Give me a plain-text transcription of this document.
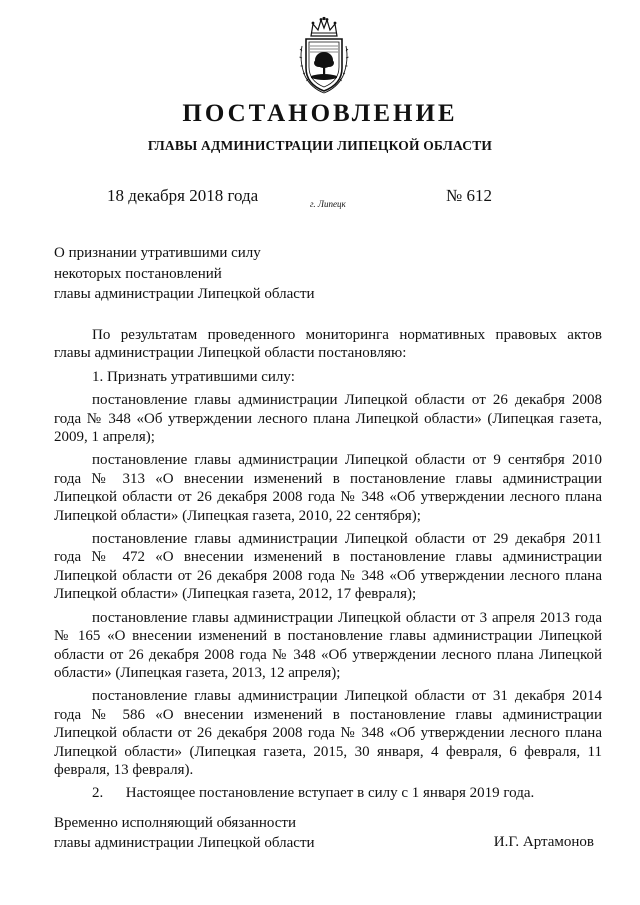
ПОСТАНОВЛЕНИЕ
ГЛАВЫ АДМИНИСТРАЦИИ ЛИПЕЦКОЙ ОБЛАСТИ
18 декабря 2018 года	г. Липецк	№ 612
О признании утратившими силу
некоторых постановлений
главы администрации Липецкой области

По результатам проведенного мониторинга нормативных правовых актов главы администрации Липецкой области постановляю:

1. Признать утратившими силу:

постановление главы администрации Липецкой области от 26 декабря 2008 года № 348 «Об утверждении лесного плана Липецкой области» (Липецкая газета, 2009, 1 апреля);

постановление главы администрации Липецкой области от 9 сентября 2010 года № 313 «О внесении изменений в постановление главы администрации Липецкой области от 26 декабря 2008 года № 348 «Об утверждении лесного плана Липецкой области» (Липецкая газета, 2010, 22 сентября);

постановление главы администрации Липецкой области от 29 декабря 2011 года № 472 «О внесении изменений в постановление главы администрации Липецкой области от 26 декабря 2008 года № 348 «Об утверждении лесного плана Липецкой области» (Липецкая газета, 2012, 17 февраля);

постановление главы администрации Липецкой области от 3 апреля 2013 года № 165 «О внесении изменений в постановление главы администрации Липецкой области от 26 декабря 2008 года № 348 «Об утверждении лесного плана Липецкой области» (Липецкая газета, 2013, 12 апреля);

постановление главы администрации Липецкой области от 31 декабря 2014 года № 586 «О внесении изменений в постановление главы администрации Липецкой области от 26 декабря 2008 года № 348 «Об утверждении лесного плана Липецкой области» (Липецкая газета, 2015, 30 января, 4 февраля, 6 февраля, 11 февраля, 13 февраля).

2.  Настоящее постановление вступает в силу с 1 января 2019 года.

Временно исполняющий обязанности
главы администрации Липецкой области	И.Г. Артамонов
